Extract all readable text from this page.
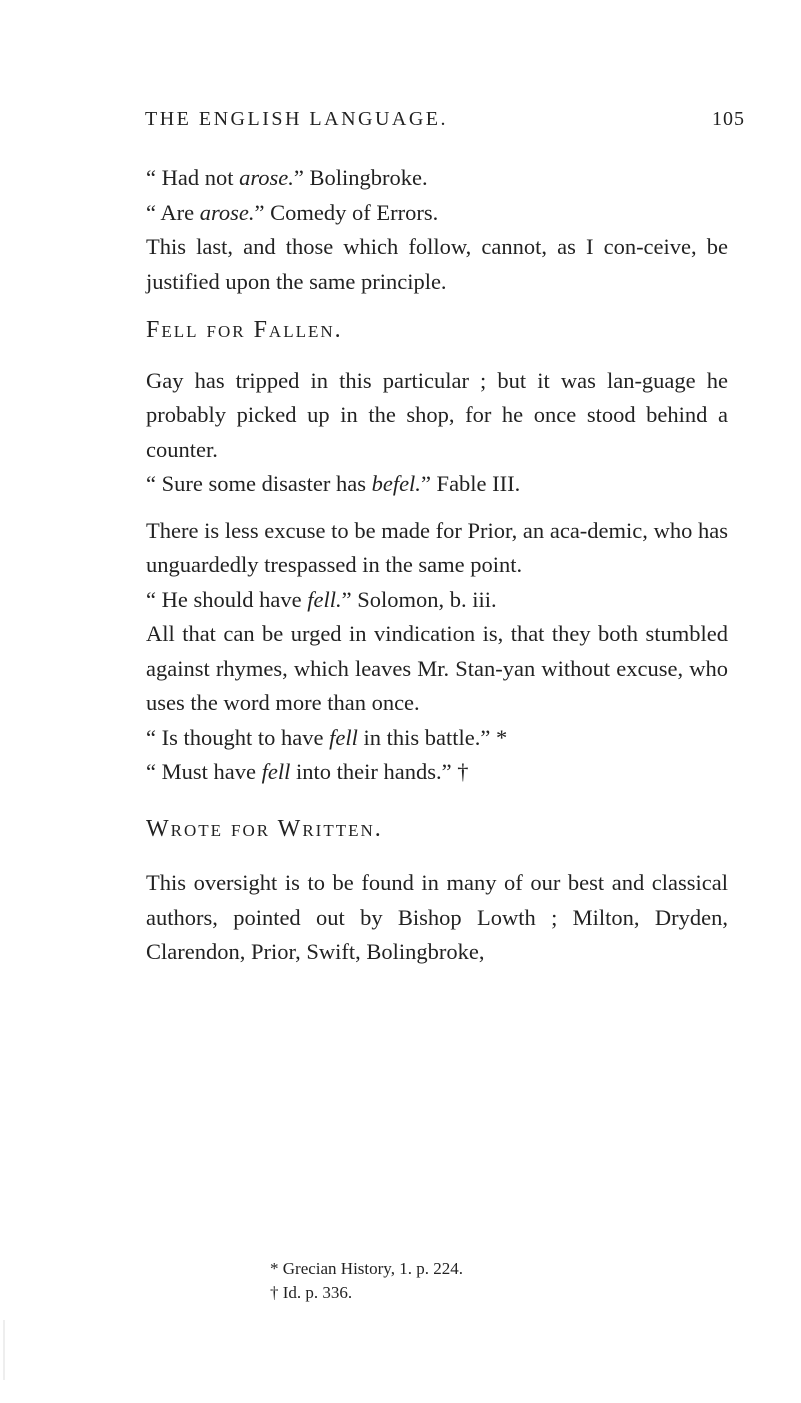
THE ENGLISH LANGUAGE.	105

“ Had not arose.” Bolingbroke.

“ Are arose.” Comedy of Errors.

This last, and those which follow, cannot, as I con-ceive, be justified upon the same principle.

Fell for Fallen.

Gay has tripped in this particular ; but it was lan-guage he probably picked up in the shop, for he once stood behind a counter.

“ Sure some disaster has befel.” Fable III.

There is less excuse to be made for Prior, an aca-demic, who has unguardedly trespassed in the same point.

“ He should have fell.” Solomon, b. iii.

All that can be urged in vindication is, that they both stumbled against rhymes, which leaves Mr. Stan-yan without excuse, who uses the word more than once.

“ Is thought to have fell in this battle.” *

“ Must have fell into their hands.” †

Wrote for Written.

This oversight is to be found in many of our best and classical authors, pointed out by Bishop Lowth ; Milton, Dryden, Clarendon, Prior, Swift, Bolingbroke,

* Grecian History, 1. p. 224.

† Id. p. 336.
